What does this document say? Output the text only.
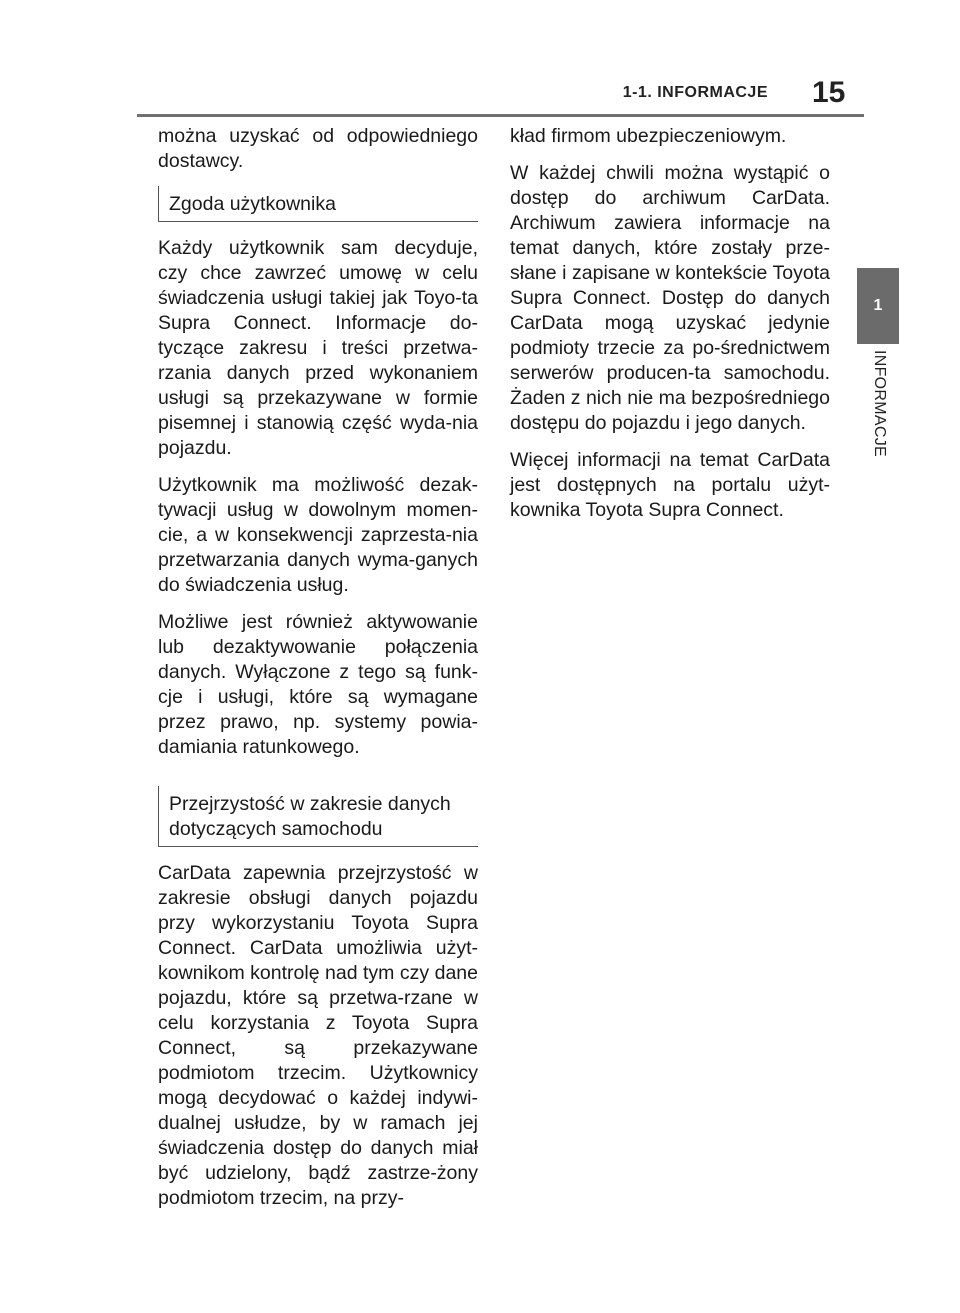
1-1. INFORMACJE 15
1
INFORMACJE

można uzyskać od odpowiedniego dostawcy.

Zgoda użytkownika

Każdy użytkownik sam decyduje, czy chce zawrzeć umowę w celu świadczenia usługi takiej jak Toyo-ta Supra Connect. Informacje do-tyczące zakresu i treści przetwa-rzania danych przed wykonaniem usługi są przekazywane w formie pisemnej i stanowią część wyda-nia pojazdu.

Użytkownik ma możliwość dezak-tywacji usług w dowolnym momen-cie, a w konsekwencji zaprzesta-nia przetwarzania danych wyma-ganych do świadczenia usług.

Możliwe jest również aktywowanie lub dezaktywowanie połączenia danych. Wyłączone z tego są funk-cje i usługi, które są wymagane przez prawo, np. systemy powia-damiania ratunkowego.

Przejrzystość w zakresie danych dotyczących samochodu

CarData zapewnia przejrzystość w zakresie obsługi danych pojazdu przy wykorzystaniu Toyota Supra Connect. CarData umożliwia użyt-kownikom kontrolę nad tym czy dane pojazdu, które są przetwa-rzane w celu korzystania z Toyota Supra Connect, są przekazywane podmiotom trzecim. Użytkownicy mogą decydować o każdej indywi-dualnej usłudze, by w ramach jej świadczenia dostęp do danych miał być udzielony, bądź zastrze-żony podmiotom trzecim, na przy-

kład firmom ubezpieczeniowym.

W każdej chwili można wystąpić o dostęp do archiwum CarData. Archiwum zawiera informacje na temat danych, które zostały prze-słane i zapisane w kontekście Toyota Supra Connect. Dostęp do danych CarData mogą uzyskać jedynie podmioty trzecie za po-średnictwem serwerów producen-ta samochodu. Żaden z nich nie ma bezpośredniego dostępu do pojazdu i jego danych.

Więcej informacji na temat CarData jest dostępnych na portalu użyt-kownika Toyota Supra Connect.
